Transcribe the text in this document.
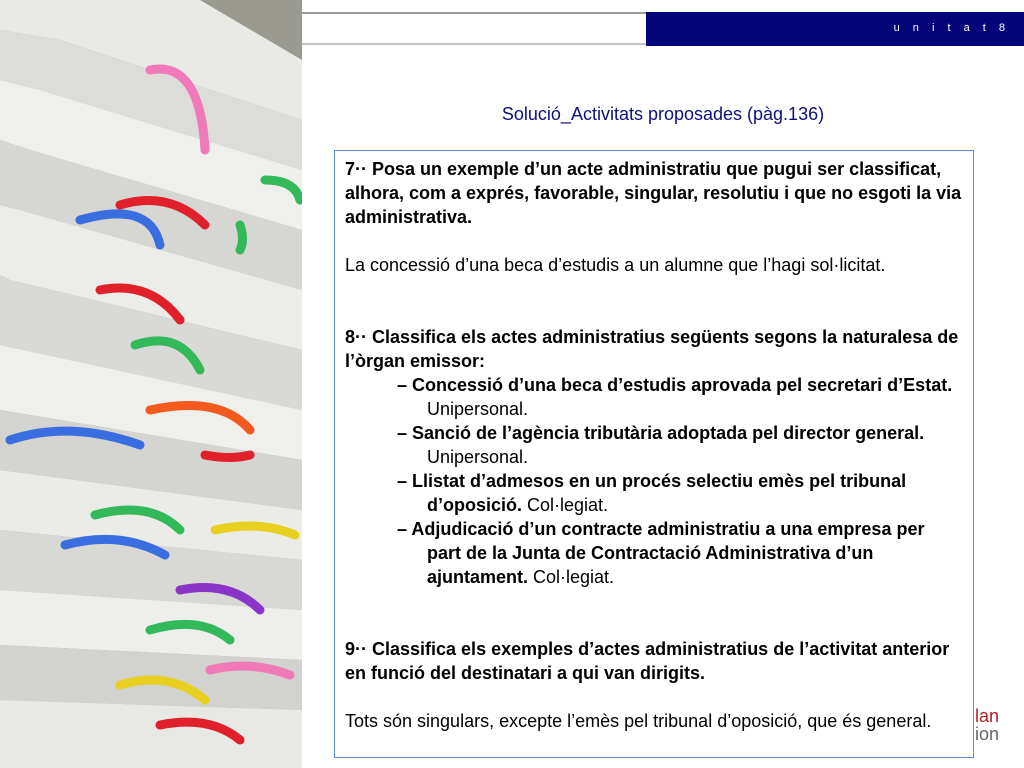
u n i t a t 8
Solució_Activitats proposades (pàg.136)
lan
ion
7·· Posa un exemple d’un acte administratiu que pugui ser classificat, alhora, com a exprés, favorable, singular, resolutiu i que no esgoti la via administrativa.
La concessió d’una beca d’estudis a un alumne que l’hagi sol·licitat.
8·· Classifica els actes administratius següents segons la naturalesa de l’òrgan emissor:
– Concessió d’una beca d’estudis aprovada pel secretari d’Estat. Unipersonal.
– Sanció de l’agència tributària adoptada pel director general. Unipersonal.
– Llistat d’admesos en un procés selectiu emès pel tribunal d’oposició. Col·legiat.
– Adjudicació d’un contracte administratiu a una empresa per part de la Junta de Contractació Administrativa d’un ajuntament. Col·legiat.
9·· Classifica els exemples d’actes administratius de l’activitat anterior en funció del destinatari a qui van dirigits.
Tots són singulars, excepte l’emès pel tribunal d’oposició, que és general.
